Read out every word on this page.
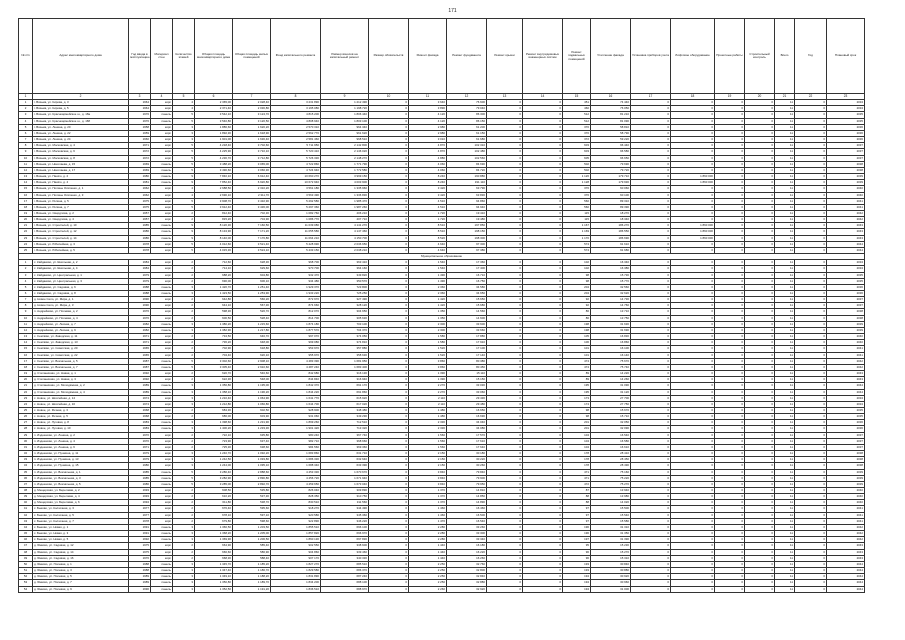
171
№ п/п	Адрес многоквартирного дома	Год ввода в эксплуатацию	Материал стен	Количество этажей	Общая площадь многоквартирного дома	Общая площадь жилых помещений	Фонд капитального ремонта	Размер взносов на капитальный ремонт	Размер обязательств	Ремонт фасада	Ремонт фундамента	Ремонт крыши	Ремонт внутридомовых инженерных систем	Ремонт подвальных помещений	Утепление фасада	Установка приборов учета	Лифтовое оборудование	Проектные работы	Строительный контроль	Всего	Год	Плановый срок
1	2	3	4	5	6	7	8	9	10	11	12	13	14	15	16	17	18	19	20	21	22	23
1	г. Вязьма, ул. Кирова, д. 3	1964	кирп	4	2 365,00	2 028,40	3 231 890	1 212 490	0	3 640	76 600	0	0	451	74 440	0	0	0	0	11	0	2034
2	г. Вязьма, ул. Кирова, д. 5	1964	кирп	4	2 371,40	2 030,80	3 195 080	1 198 720	0	3 890	79 040	0	0	460	76 050	0	0	0	0	11	0	2034
3	г. Вязьма, ул. Красноармейское ш., д. 18а	1976	панель	5	3 542,10	3 124,70	4 815 200	1 806 440	0	4 120	86 300	0	0	512	81 210	0	0	0	0	11	0	2035
4	г. Вязьма, ул. Красноармейское ш., д. 18б	1976	панель	5	3 540,80	3 120,50	4 808 940	1 803 100	0	4 120	86 150	0	0	512	81 090	0	0	0	0	11	0	2035
5	г. Вязьма, ул. Ленина, д. 20	1958	кирп	3	1 886,60	1 620,20	2 570 310	964 340	0	2 980	61 200	0	0	370	58 810	0	0	0	0	11	0	2036
6	г. Вязьма, ул. Ленина, д. 22	1959	кирп	3	1 892,30	1 618,90	2 562 770	961 620	0	2 980	61 150	0	0	370	58 790	0	0	0	0	11	0	2036
7	г. Вязьма, ул. Ленина, д. 24	1960	кирп	3	1 901,00	1 630,40	2 581 460	968 510	0	3 010	61 680	0	0	372	59 220	0	0	0	0	11	0	2036
8	г. Вязьма, ул. Московская, д. 4	1971	кирп	5	4 218,40	3 702,60	5 711 950	2 142 800	0	4 870	102 310	0	0	603	96 440	0	0	0	0	11	0	2037
9	г. Вязьма, ул. Московская, д. 6	1972	кирп	5	4 225,90	3 710,10	5 720 410	2 146 020	0	4 870	102 480	0	0	603	96 580	0	0	0	0	11	0	2037
10	г. Вязьма, ул. Московская, д. 8	1972	кирп	5	4 230,70	3 712,80	5 726 330	2 148 270	0	4 880	102 560	0	0	605	96 650	0	0	0	0	11	0	2037
11	г. Вязьма, ул. Николаева, д. 15	1969	панель	5	3 488,20	3 065,00	4 722 860	1 771 790	0	4 060	84 690	0	0	502	79 690	0	0	0	0	11	0	2038
12	г. Вязьма, ул. Николаева, д. 17	1969	панель	5	3 490,60	3 066,30	4 724 940	1 772 580	0	4 060	84 720	0	0	502	79 720	0	0	0	0	11	0	2038
13	г. Вязьма, ул. Панino, д. 2	1980	панель	9	7 840,10	6 912,40	10 660 270	3 999 150	0	8 240	190 880	0	0	1 126	179 710	0	1 860 000	0	0	11	0	2039
14	г. Вязьма, ул. Панino, д. 4	1981	панель	9	7 852,40	6 920,80	10 672 940	4 003 900	0	8 240	191 110	0	0	1 128	179 930	0	1 860 000	0	0	11	0	2039
15	г. Вязьма, ул. Полины Осипенко, д. 1	1962	кирп	4	2 688,50	2 310,20	3 561 180	1 335 960	0	3 420	63 790	0	0	376	60 060	0	0	0	0	11	0	2040
16	г. Вязьма, ул. Полины Осипенко, д. 3	1962	кирп	4	2 690,10	2 311,70	3 563 490	1 336 830	0	3 420	63 830	0	0	376	60 100	0	0	0	0	11	0	2040
17	г. Вязьма, ул. Репина, д. 5	1975	кирп	5	3 908,70	3 432,90	5 292 580	1 985 470	0	4 510	94 860	0	0	560	89 310	0	0	0	0	11	0	2041
18	г. Вязьма, ул. Репина, д. 7	1975	кирп	5	3 912,40	3 436,00	5 297 360	1 987 260	0	4 510	94 940	0	0	560	89 390	0	0	0	0	11	0	2041
19	г. Вязьма, ул. Свердлова, д. 2	1957	кирп	2	812,40	702,30	1 082 760	406 210	0	1 720	19 410	0	0	115	18 270	0	0	0	0	11	0	2042
20	г. Вязьма, ул. Свердлова, д. 4	1957	кирп	2	815,20	704,90	1 086 770	407 710	0	1 720	19 480	0	0	115	18 340	0	0	0	0	11	0	2042
21	г. Вязьма, ул. Строителей, д. 10	1985	панель	9	8 120,30	7 160,50	11 039 080	4 141 270	0	8 510	197 850	0	0	1 167	186 270	0	1 860 000	0	0	11	0	2043
22	г. Вязьма, ул. Строителей, д. 12	1986	панель	9	8 134,90	7 171,20	11 055 580	4 147 460	0	8 510	198 150	0	0	1 169	186 550	0	1 860 000	0	0	11	0	2043
23	г. Вязьма, ул. Строителей, д. 14	1986	панель	9	8 140,00	7 176,80	11 064 210	4 150 700	0	8 520	198 300	0	0	1 170	186 690	0	1 860 000	0	0	11	0	2043
24	г. Вязьма, ул. Юбилейная, д. 3	1978	кирп	5	4 012,60	3 521,40	5 428 990	2 036 650	0	4 640	97 300	0	0	574	91 610	0	0	0	0	11	0	2044
25	г. Вязьма, ул. Юбилейная, д. 5	1978	кирп	5	4 015,30	3 524,10	5 433 150	2 038 210	0	4 640	97 380	0	0	574	91 680	0	0	0	0	11	0	2044
Муниципальное образование																						
1	с. Кайдаково, ул. Школьная, д. 2	1984	кирп	2	712,60	628,30	968 700	363 410	0	1 540	17 360	0	0	102	16 340	0	0	0	0	11	0	2034
2	с. Кайдаково, ул. Школьная, д. 4	1984	кирп	2	714,10	629,60	970 700	364 160	0	1 540	17 400	0	0	102	16 380	0	0	0	0	11	0	2034
3	с. Кайдаково, ул. Центральная, д. 1	1979	кирп	2	688,20	604,80	932 470	349 820	0	1 490	16 710	0	0	98	15 730	0	0	0	0	11	0	2035
4	с. Кайдаково, ул. Центральная, д. 3	1979	кирп	2	690,00	606,10	934 480	350 570	0	1 490	16 750	0	0	98	15 770	0	0	0	0	11	0	2035
5	с. Кайдаково, ул. Садовая, д. 6	1988	панель	3	1 420,70	1 251,40	1 929 370	723 800	0	2 360	34 580	0	0	204	32 560	0	0	0	0	11	0	2036
6	с. Кайдаково, ул. Садовая, д. 8	1988	панель	3	1 423,50	1 253,90	1 933 220	725 250	0	2 360	34 650	0	0	204	32 620	0	0	0	0	11	0	2036
7	д. Новое Село, ул. Мира, д. 1	1990	кирп	2	642,80	566,20	872 970	327 490	0	1 420	15 650	0	0	92	14 730	0	0	0	0	11	0	2037
8	д. Новое Село, ул. Мира, д. 3	1990	кирп	2	644,10	567,30	874 660	328 120	0	1 420	15 680	0	0	92	14 760	0	0	0	0	11	0	2037
9	п. Андрейково, ул. Полевая, д. 2	1976	кирп	2	598,30	526,70	812 070	304 650	0	1 350	14 560	0	0	86	13 710	0	0	0	0	11	0	2038
10	п. Андрейково, ул. Полевая, д. 4	1976	кирп	2	600,50	528,40	814 700	305 630	0	1 350	14 600	0	0	86	13 750	0	0	0	0	11	0	2038
11	п. Андрейково, ул. Лесная, д. 7	1982	панель	3	1 380,20	1 215,60	1 874 180	703 100	0	2 300	33 600	0	0	198	31 630	0	0	0	0	11	0	2039
12	п. Андрейково, ул. Лесная, д. 9	1982	панель	3	1 382,90	1 217,80	1 877 570	704 370	0	2 300	33 660	0	0	198	31 690	0	0	0	0	11	0	2039
13	с. Семлёво, ул. Заводская, д. 11	1971	кирп	2	734,50	646,70	997 070	374 050	0	1 580	17 880	0	0	105	16 830	0	0	0	0	11	0	2040
14	с. Семлёво, ул. Заводская, д. 13	1971	кирп	2	736,20	648,00	999 080	374 810	0	1 580	17 910	0	0	106	16 860	0	0	0	0	11	0	2040
15	с. Семлёво, ул. Советская, д. 20	1965	кирп	2	702,90	618,80	953 970	357 880	0	1 520	17 100	0	0	101	16 100	0	0	0	0	11	0	2041
16	с. Семлёво, ул. Советская, д. 22	1965	кирп	2	704,40	620,10	955 970	358 630	0	1 520	17 140	0	0	101	16 140	0	0	0	0	11	0	2041
17	с. Семлёво, ул. Вокзальная, д. 5	1987	панель	5	3 302,60	2 908,10	4 483 390	1 681 950	0	3 860	80 380	0	0	474	75 670	0	0	0	0	11	0	2042
18	с. Семлёво, ул. Вокзальная, д. 7	1987	панель	5	3 305,40	2 910,60	4 487 240	1 683 400	0	3 860	80 450	0	0	474	75 740	0	0	0	0	11	0	2042
19	д. Степаниково, ул. Новая, д. 1	1992	кирп	2	620,70	546,60	842 680	316 130	0	1 390	15 110	0	0	89	14 220	0	0	0	0	11	0	2043
20	д. Степаниково, ул. Новая, д. 3	1992	кирп	2	622,30	548,00	844 840	316 940	0	1 390	15 150	0	0	89	14 260	0	0	0	0	11	0	2043
21	д. Степаниково, ул. Молодёжная, д. 2	1989	панель	3	1 356,80	1 195,00	1 842 370	691 170	0	2 270	33 030	0	0	195	31 090	0	0	0	0	11	0	2044
22	д. Степаниково, ул. Молодёжная, д. 4	1989	панель	3	1 358,10	1 196,20	1 844 220	691 860	0	2 270	33 060	0	0	195	31 120	0	0	0	0	11	0	2044
23	с. Новое, ул. Шоссейная, д. 14	1974	кирп	3	1 210,40	1 064,90	1 641 770	615 920	0	2 110	29 430	0	0	173	27 700	0	0	0	0	11	0	2034
24	с. Новое, ул. Шоссейная, д. 16	1974	кирп	3	1 212,80	1 066,80	1 644 700	617 020	0	2 110	29 480	0	0	174	27 750	0	0	0	0	11	0	2034
25	с. Новое, ул. Речная, д. 3	1968	кирп	2	684,30	602,50	928 900	348 480	0	1 480	16 650	0	0	98	15 670	0	0	0	0	11	0	2035
26	с. Новое, ул. Речная, д. 5	1968	кирп	2	686,00	603,90	931 060	349 290	0	1 480	16 690	0	0	98	15 710	0	0	0	0	11	0	2035
27	с. Новое, ул. Луговая, д. 8	1983	панель	3	1 398,60	1 231,90	1 899 260	712 510	0	2 330	34 040	0	0	201	32 050	0	0	0	0	11	0	2036
28	с. Новое, ул. Луговая, д. 10	1983	панель	3	1 400,20	1 233,30	1 901 420	713 320	0	2 330	34 080	0	0	201	32 090	0	0	0	0	11	0	2036
29	п. Издешково, ул. Ленина, д. 2	1970	кирп	2	722,10	635,80	980 240	367 740	0	1 560	17 570	0	0	104	16 540	0	0	0	0	11	0	2037
30	п. Издешково, ул. Ленина, д. 4	1970	кирп	2	723,90	637,40	982 710	368 660	0	1 560	17 610	0	0	104	16 580	0	0	0	0	11	0	2037
31	п. Издешково, ул. Ленина, д. 6	1971	кирп	2	725,30	638,60	984 560	369 360	0	1 560	17 640	0	0	104	16 610	0	0	0	0	11	0	2037
32	п. Издешково, ул. Пушкина, д. 11	1979	кирп	3	1 240,70	1 092,20	1 683 860	631 710	0	2 150	30 180	0	0	178	28 410	0	0	0	0	11	0	2038
33	п. Издешково, ул. Пушкина, д. 13	1979	кирп	3	1 242,50	1 093,80	1 686 330	632 640	0	2 150	30 220	0	0	178	28 450	0	0	0	0	11	0	2038
34	п. Издешково, ул. Пушкина, д. 15	1980	кирп	3	1 244,00	1 095,10	1 688 340	633 390	0	2 150	30 260	0	0	178	28 490	0	0	0	0	11	0	2038
35	п. Издешково, ул. Вокзальная, д. 1	1985	панель	5	3 280,40	2 888,60	4 453 330	1 670 670	0	3 840	79 840	0	0	471	75 160	0	0	0	0	11	0	2039
36	п. Издешково, ул. Вокзальная, д. 3	1985	панель	5	3 282,90	2 890,80	4 456 720	1 671 940	0	3 840	79 900	0	0	471	75 220	0	0	0	0	11	0	2039
37	п. Издешково, ул. Вокзальная, д. 5	1986	панель	5	3 285,00	2 892,70	4 459 650	1 673 040	0	3 840	79 950	0	0	472	75 270	0	0	0	0	11	0	2039
38	д. Мещерская, ул. Береговая, д. 2	1993	кирп	2	608,50	535,80	826 040	309 890	0	1 370	14 810	0	0	87	13 940	0	0	0	0	11	0	2040
39	д. Мещерская, ул. Береговая, д. 4	1993	кирп	2	610,20	537,30	828 350	310 750	0	1 370	14 850	0	0	88	13 980	0	0	0	0	11	0	2040
40	д. Мещерская, ул. Береговая, д. 6	1994	кирп	2	611,80	538,70	830 510	311 560	0	1 370	14 890	0	0	88	14 020	0	0	0	0	11	0	2040
41	с. Быково, ул. Колхозная, д. 3	1977	кирп	2	676,40	595,60	918 270	344 490	0	1 460	16 460	0	0	97	15 500	0	0	0	0	11	0	2041
42	с. Быково, ул. Колхозная, д. 5	1977	кирп	2	678,10	597,10	920 580	345 360	0	1 460	16 500	0	0	97	15 540	0	0	0	0	11	0	2041
43	с. Быково, ул. Колхозная, д. 7	1978	кирп	2	679,80	598,60	922 890	346 220	0	1 470	16 540	0	0	97	15 580	0	0	0	0	11	0	2041
44	с. Быково, ул. Новая, д. 1	1991	панель	3	1 366,50	1 203,50	1 855 510	696 100	0	2 280	33 260	0	0	196	31 310	0	0	0	0	11	0	2042
45	с. Быково, ул. Новая, д. 3	1991	панель	3	1 368,20	1 205,00	1 857 820	696 970	0	2 280	33 300	0	0	196	31 350	0	0	0	0	11	0	2042
46	с. Быково, ул. Новая, д. 5	1992	панель	3	1 369,90	1 206,50	1 860 130	697 830	0	2 280	33 340	0	0	197	31 390	0	0	0	0	11	0	2042
47	д. Ямково, ул. Садовая, д. 12	1975	кирп	2	664,90	585,40	902 550	338 600	0	1 440	16 180	0	0	95	15 230	0	0	0	0	11	0	2043
48	д. Ямково, ул. Садовая, д. 14	1975	кирп	2	666,60	586,90	904 860	339 460	0	1 440	16 220	0	0	96	15 270	0	0	0	0	11	0	2043
49	д. Ямково, ул. Садовая, д. 16	1976	кирп	2	668,30	588,40	907 170	340 330	0	1 440	16 260	0	0	96	15 310	0	0	0	0	11	0	2043
50	д. Ямково, ул. Полевая, д. 1	1988	панель	3	1 345,70	1 185,20	1 827 270	685 510	0	2 250	32 760	0	0	193	30 840	0	0	0	0	11	0	2044
51	д. Ямково, ул. Полевая, д. 3	1988	панель	3	1 347,40	1 186,70	1 829 580	686 370	0	2 250	32 800	0	0	193	30 880	0	0	0	0	11	0	2044
52	д. Ямково, ул. Полевая, д. 5	1989	панель	3	1 349,10	1 188,20	1 831 890	687 240	0	2 250	32 840	0	0	194	30 920	0	0	0	0	11	0	2044
53	д. Ямково, ул. Полевая, д. 7	1989	панель	3	1 350,80	1 189,70	1 834 200	688 100	0	2 250	32 880	0	0	194	30 960	0	0	0	0	11	0	2044
54	д. Ямково, ул. Полевая, д. 9	1990	панель	3	1 352,50	1 191,20	1 836 510	688 970	0	2 260	32 920	0	0	194	31 000	0	0	0	0	11	0	2044
